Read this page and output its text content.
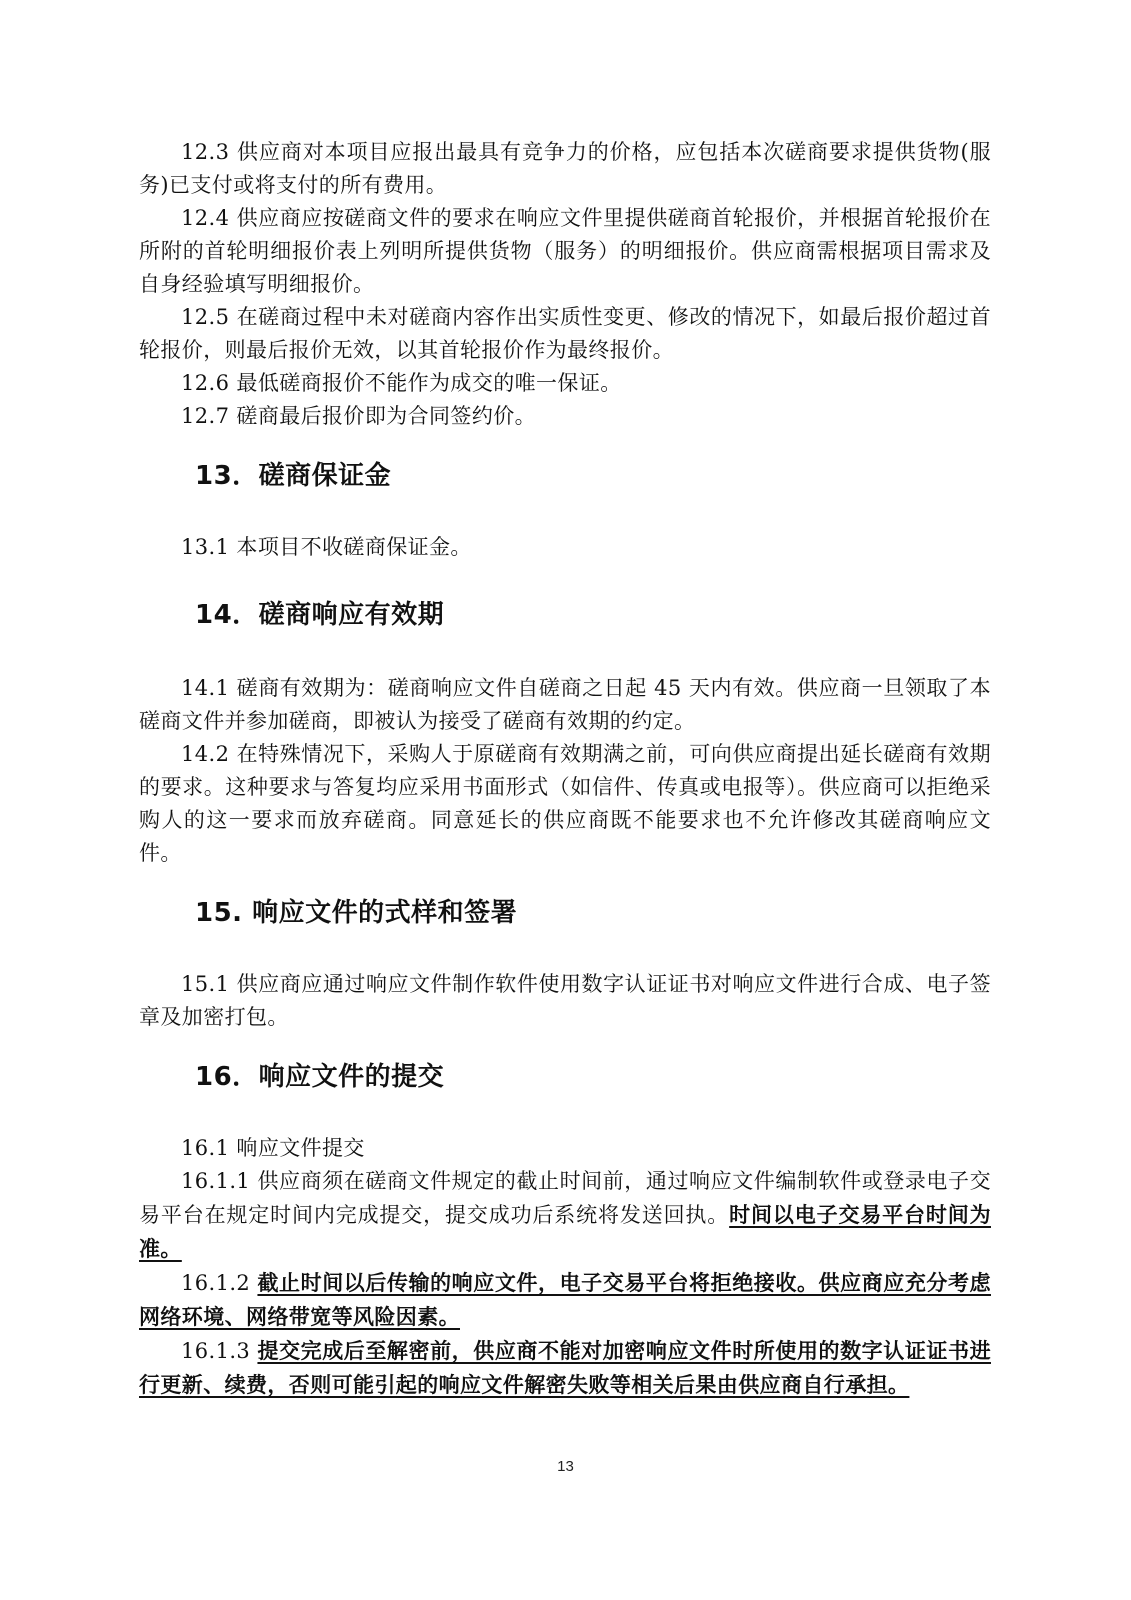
12.3 供应商对本项目应报出最具有竞争力的价格，应包括本次磋商要求提供货物(服务)已支付或将支付的所有费用。

12.4 供应商应按磋商文件的要求在响应文件里提供磋商首轮报价，并根据首轮报价在所附的首轮明细报价表上列明所提供货物（服务）的明细报价。供应商需根据项目需求及自身经验填写明细报价。

12.5 在磋商过程中未对磋商内容作出实质性变更、修改的情况下，如最后报价超过首轮报价，则最后报价无效，以其首轮报价作为最终报价。

12.6 最低磋商报价不能作为成交的唯一保证。

12.7 磋商最后报价即为合同签约价。

13．磋商保证金

13.1 本项目不收磋商保证金。

14．磋商响应有效期

14.1 磋商有效期为：磋商响应文件自磋商之日起 45 天内有效。供应商一旦领取了本磋商文件并参加磋商，即被认为接受了磋商有效期的约定。

14.2 在特殊情况下，采购人于原磋商有效期满之前，可向供应商提出延长磋商有效期的要求。这种要求与答复均应采用书面形式（如信件、传真或电报等）。供应商可以拒绝采购人的这一要求而放弃磋商。同意延长的供应商既不能要求也不允许修改其磋商响应文件。

15. 响应文件的式样和签署

15.1 供应商应通过响应文件制作软件使用数字认证证书对响应文件进行合成、电子签章及加密打包。

16．响应文件的提交

16.1 响应文件提交

16.1.1 供应商须在磋商文件规定的截止时间前，通过响应文件编制软件或登录电子交易平台在规定时间内完成提交，提交成功后系统将发送回执。时间以电子交易平台时间为准。

16.1.2 截止时间以后传输的响应文件，电子交易平台将拒绝接收。供应商应充分考虑网络环境、网络带宽等风险因素。

16.1.3 提交完成后至解密前，供应商不能对加密响应文件时所使用的数字认证证书进行更新、续费，否则可能引起的响应文件解密失败等相关后果由供应商自行承担。

13
